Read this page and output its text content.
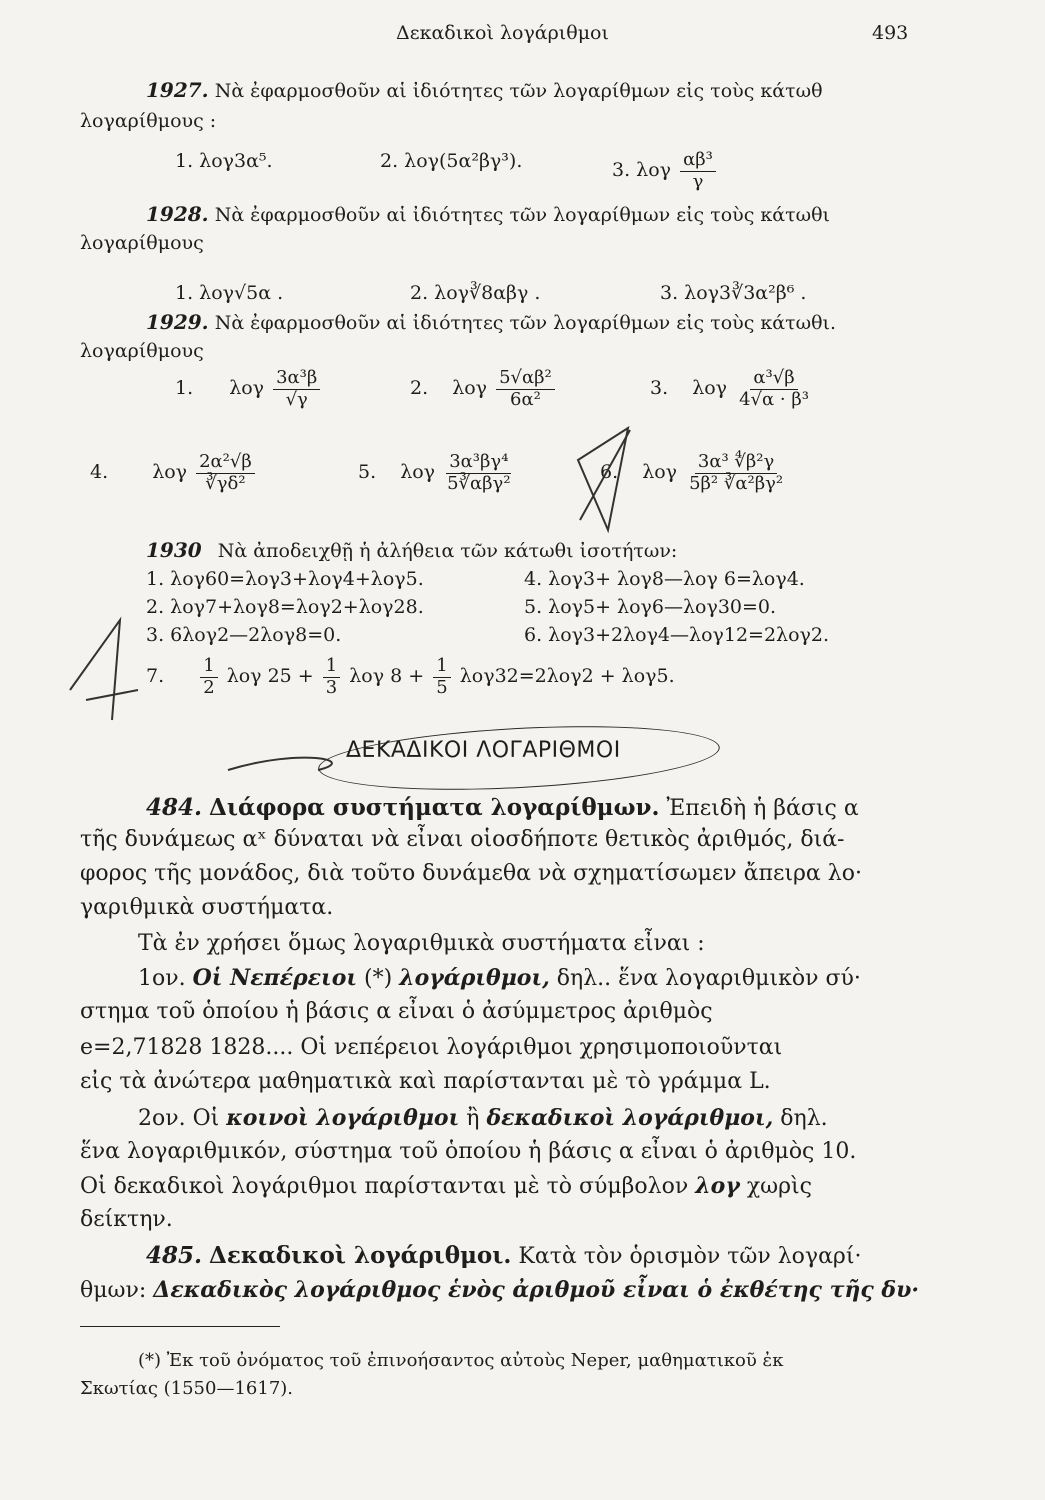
Δεκαδικοὶ λογάριθμοι	493
1927. Νὰ ἐφαρμοσθοῦν αἱ ἰδιότητες τῶν λογαρίθμων εἰς τοὺς κάτωθ
λογαρίθμους :
1. λογ3α⁵.	2. λογ(5α²βγ³).	3. λογ $\frac{\text{αβ³}}{\gamma}$
1928. Νὰ ἐφαρμοσθοῦν αἱ ἰδιότητες τῶν λογαρίθμων εἰς τοὺς κάτωθι
λογαρίθμους
1. λογ√5α .	2. λογ∛8αβγ .	3. λογ3∛3α²β⁶ .
1929. Νὰ ἐφαρμοσθοῦν αἱ ἰδιότητες τῶν λογαρίθμων εἰς τοὺς κάτωθι.
λογαρίθμους
1. λογ $\frac{\text{3α³β}}{√\gamma}$	2. λογ $\frac{\text{5√αβ²}}{\text{6α²}}$	3. λογ $\frac{\text{α³√β}}{\text{4√α · β³}}$
4. λογ $\frac{\text{2α²√β}}{\text{∛γδ²}}$	5. λογ $\frac{\text{3α³βγ⁴}}{\text{5∛αβγ²}}$	6. λογ $\frac{\text{3α³ ∜β²γ}}{\text{5β² ∛α²βγ²}}$
1930 Νὰ ἀποδειχθῇ ἡ ἀλήθεια τῶν κάτωθι ἰσοτήτων:
1. λογ60=λογ3+λογ4+λογ5.
2. λογ7+λογ8=λογ2+λογ28.
3. 6λογ2—2λογ8=0.
4. λογ3+ λογ8—λογ 6=λογ4.
5. λογ5+ λογ6—λογ30=0.
6. λογ3+2λογ4—λογ12=2λογ2.
7. $\frac{1}{2}$ λογ $25 + \frac{1}{3}$ λογ $8 + \frac{1}{5} \lambda o\gamma 32=2\lambda o\gamma 2 + \lambda o\gamma 5$.
ΔΕΚΑΔΙΚΟΙ ΛΟΓΑΡΙΘΜΟΙ
484. Διάφορα συστήματα λογαρίθμων. Ἐπειδὴ ἡ βάσις α
τῆς δυνάμεως αˣ δύναται νὰ εἶναι οἱοσδήποτε θετικὸς ἀριθμός, διά-
φορος τῆς μονάδος, διὰ τοῦτο δυνάμεθα νὰ σχηματίσωμεν ἄπειρα λο·
γαριθμικὰ συστήματα.
Τὰ ἐν χρήσει ὅμως λογαριθμικὰ συστήματα εἶναι :
1ον. Οἱ Νεπέρειοι (*) λογάριθμοι, δηλ.. ἕνα λογαριθμικὸν σύ·
στημα τοῦ ὁποίου ἡ βάσις α εἶναι ὁ ἀσύμμετρος ἀριθμὸς
e=2,71828 1828.... Οἱ νεπέρειοι λογάριθμοι χρησιμοποιοῦνται
εἰς τὰ ἀνώτερα μαθηματικὰ καὶ παρίστανται μὲ τὸ γράμμα L.
2ον. Οἱ κοινοὶ λογάριθμοι ἢ δεκαδικοὶ λογάριθμοι, δηλ.
ἕνα λογαριθμικόν, σύστημα τοῦ ὁποίου ἡ βάσις α εἶναι ὁ ἀριθμὸς 10.
Οἱ δεκαδικοὶ λογάριθμοι παρίστανται μὲ τὸ σύμβολον λογ χωρὶς
δείκτην.
485. Δεκαδικοὶ λογάριθμοι. Κατὰ τὸν ὁρισμὸν τῶν λογαρί·
θμων: Δεκαδικὸς λογάριθμος ἑνὸς ἀριθμοῦ εἶναι ὁ ἐκθέτης τῆς δυ·
(*) Ἐκ τοῦ ὀνόματος τοῦ ἐπινοήσαντος αὐτοὺς Neper, μαθηματικοῦ ἐκ
Σκωτίας (1550—1617).
